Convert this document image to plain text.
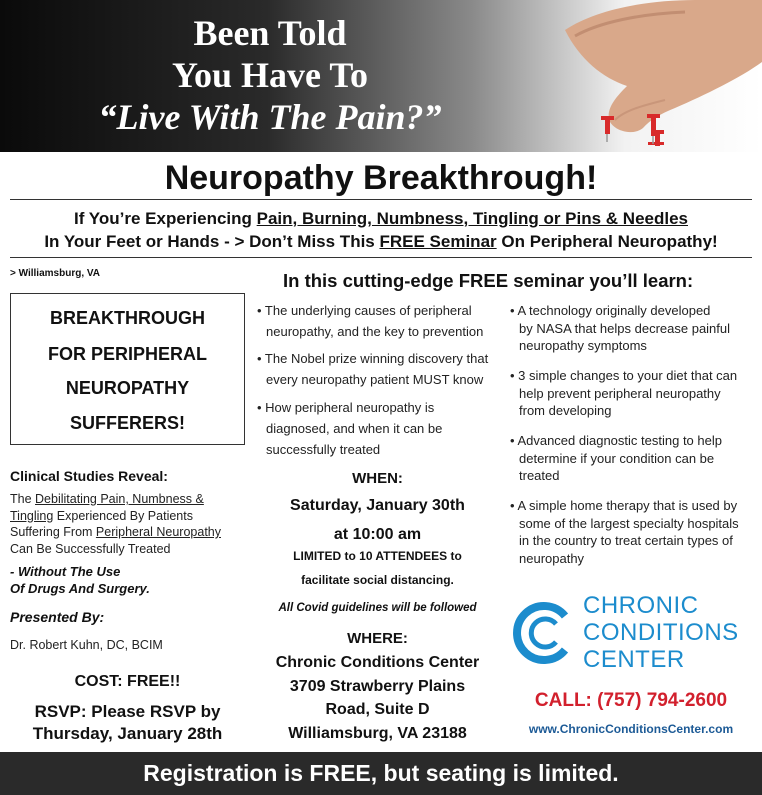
Been Told
You Have To
“Live With The Pain?”
Neuropathy Breakthrough!
If You’re Experiencing Pain, Burning, Numbness, Tingling or Pins & Needles
In Your Feet or Hands - > Don’t Miss This FREE Seminar On Peripheral Neuropathy!
> Williamsburg, VA	In this cutting-edge FREE seminar you’ll learn:
BREAKTHROUGH
FOR PERIPHERAL
NEUROPATHY
SUFFERERS!
• The underlying causes of peripheral
neuropathy, and the key to prevention
• The Nobel prize winning discovery that
every neuropathy patient MUST know
• How peripheral neuropathy is
diagnosed, and when it can be
successfully treated
• A technology originally developed
by NASA that helps decrease painful
neuropathy symptoms
• 3 simple changes to your diet that can
help prevent peripheral neuropathy
from developing
• Advanced diagnostic testing to help
determine if your condition can be
treated
• A simple home therapy that is used by
some of the largest specialty hospitals
in the country to treat certain types of
neuropathy
Clinical Studies Reveal:
The Debilitating Pain, Numbness &
Tingling Experienced By Patients
Suffering From Peripheral Neuropathy
Can Be Successfully Treated
- Without The Use
Of Drugs And Surgery.
Presented By:
Dr. Robert Kuhn, DC, BCIM
COST: FREE!!
RSVP: Please RSVP by
Thursday, January 28th
WHEN:
Saturday, January 30th
at 10:00 am
LIMITED to 10 ATTENDEES to
facilitate social distancing.
All Covid guidelines will be followed
WHERE:
Chronic Conditions Center
3709 Strawberry Plains
Road, Suite D
Williamsburg, VA 23188
CHRONIC
CONDITIONS
CENTER
CALL: (757) 794-2600
www.ChronicConditionsCenter.com
Registration is FREE, but seating is limited.
